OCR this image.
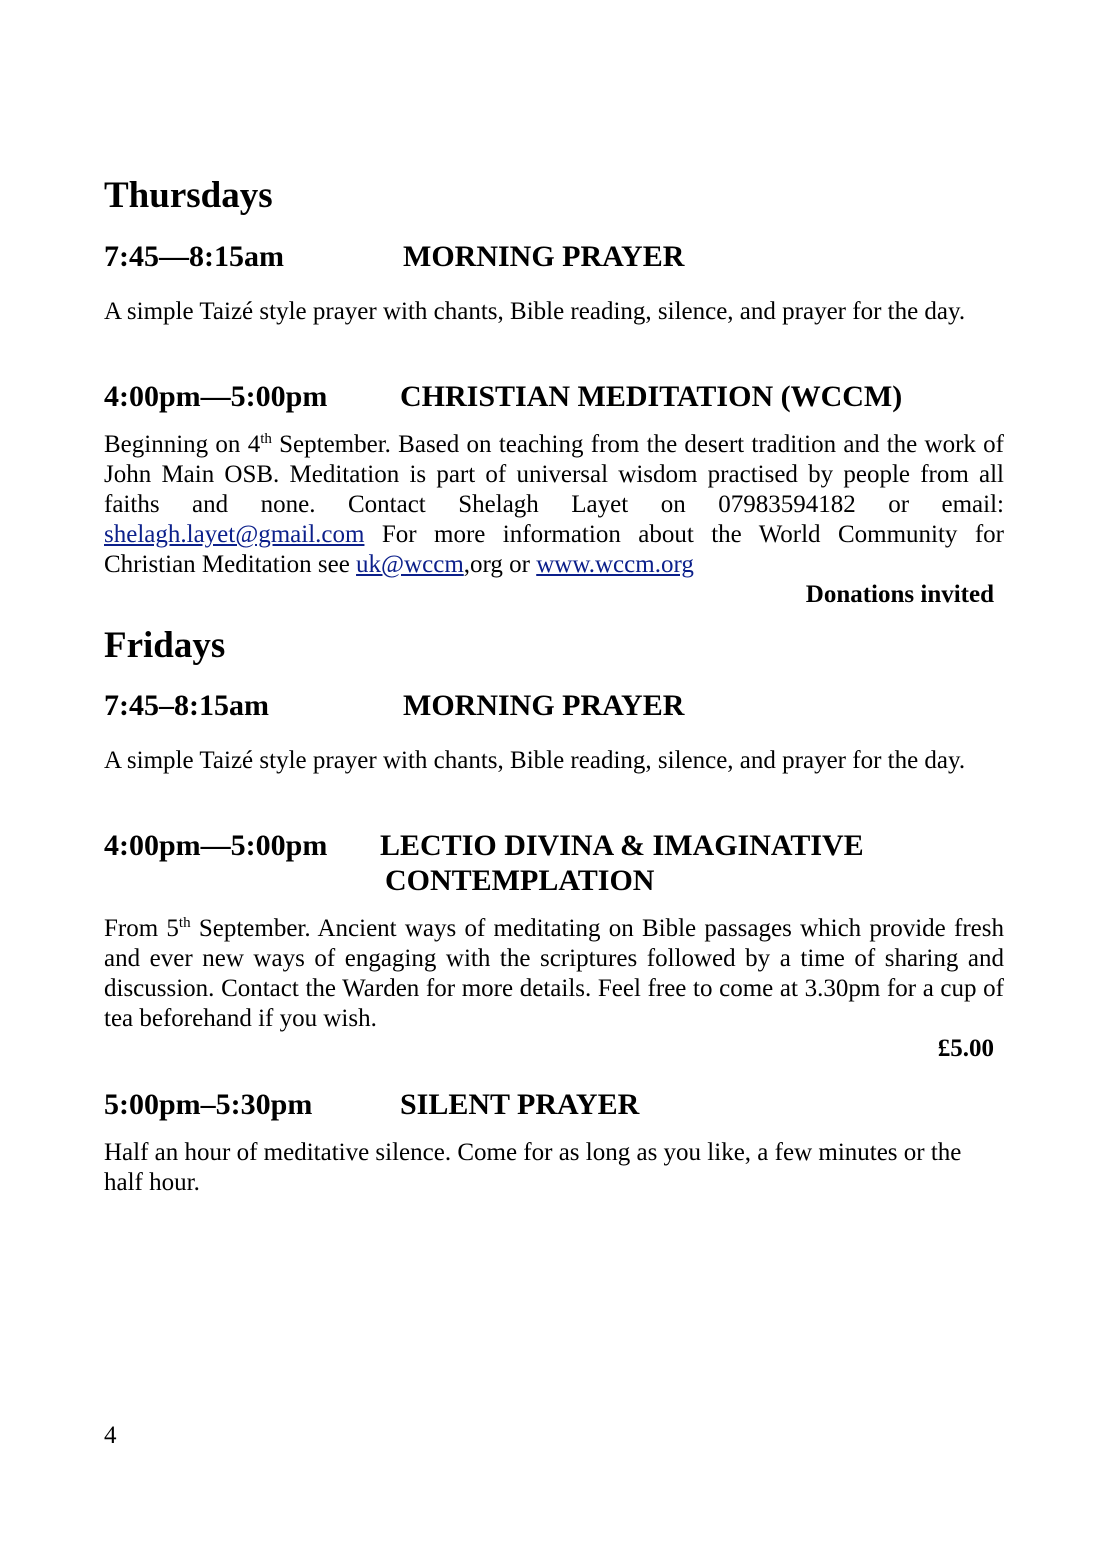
Thursdays
7:45—8:15am	MORNING PRAYER

A simple Taizé style prayer with chants, Bible reading, silence, and prayer for the day.

4:00pm—5:00pm CHRISTIAN MEDITATION (WCCM)

Beginning on 4th September. Based on teaching from the desert tradition and the work of John Main OSB. Meditation is part of universal wisdom practised by people from all faiths and none. Contact Shelagh Layet on 07983594182 or email: shelagh.layet@gmail.com For more information about the World Community for Christian Meditation see uk@wccm,org or www.wccm.org

Donations invited
Fridays
7:45–8:15am	MORNING PRAYER

A simple Taizé style prayer with chants, Bible reading, silence, and prayer for the day.

4:00pm—5:00pm LECTIO DIVINA & IMAGINATIVE
CONTEMPLATION

From 5th September. Ancient ways of meditating on Bible passages which provide fresh and ever new ways of engaging with the scriptures followed by a time of sharing and discussion. Contact the Warden for more details. Feel free to come at 3.30pm for a cup of tea beforehand if you wish.

£5.00
5:00pm–5:30pm	SILENT PRAYER

Half an hour of meditative silence. Come for as long as you like, a few minutes or the half hour.

4
